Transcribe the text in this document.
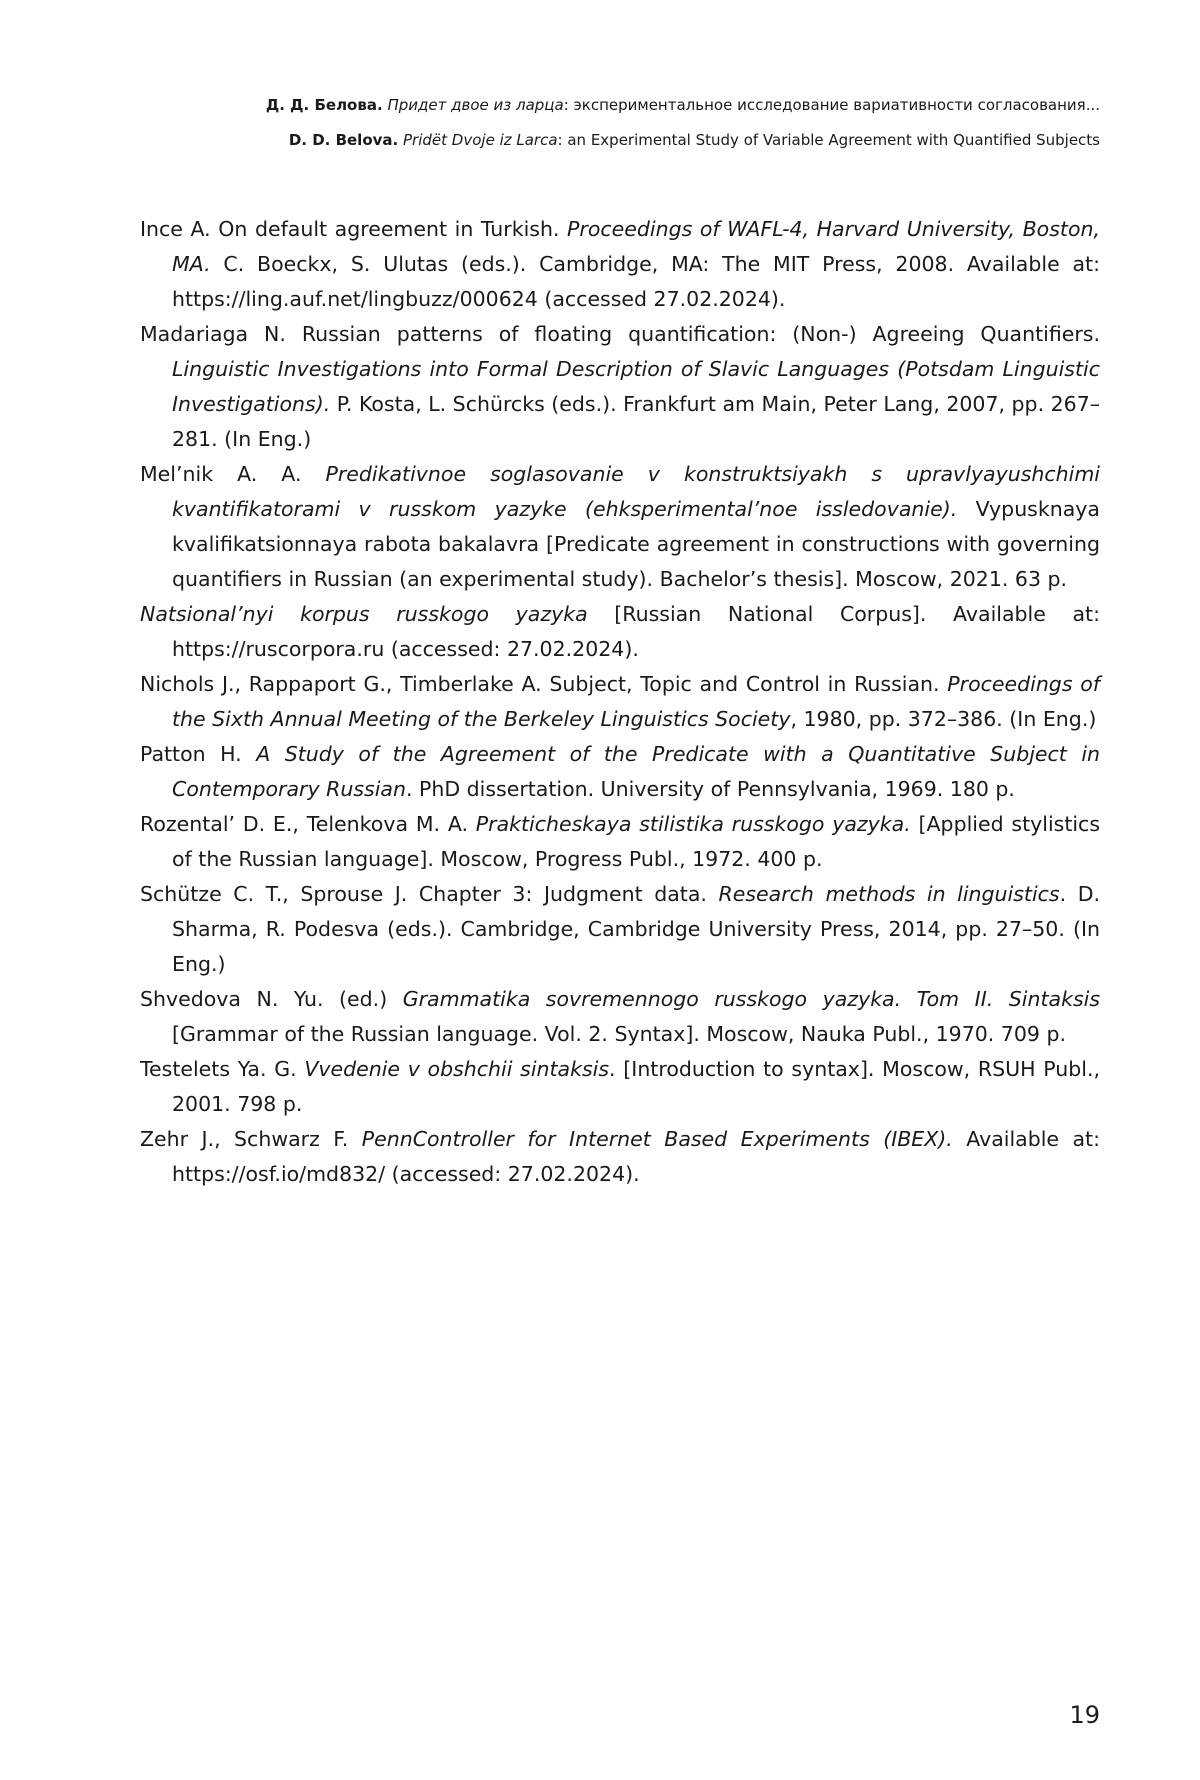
Д. Д. Белова. Придет двое из ларца: экспериментальное исследование вариативности согласования...
D. D. Belova. Pridët Dvoje iz Larca: an Experimental Study of Variable Agreement with Quantified Subjects

Ince A. On default agreement in Turkish. Proceedings of WAFL-4, Harvard University, Boston, MA. C. Boeckx, S. Ulutas (eds.). Cambridge, MA: The MIT Press, 2008. Available at: https://ling.auf.net/lingbuzz/000624 (accessed 27.02.2024).

Madariaga N. Russian patterns of floating quantification: (Non-) Agreeing Quantifiers. Linguistic Investigations into Formal Description of Slavic Languages (Potsdam Linguistic Investigations). P. Kosta, L. Schürcks (eds.). Frankfurt am Main, Peter Lang, 2007, pp. 267–281. (In Eng.)

Mel’nik A. A. Predikativnoe soglasovanie v konstruktsiyakh s upravlyayushchimi kvantifikatorami v russkom yazyke (ehksperimental’noe issledovanie). Vypusknaya kvalifikatsionnaya rabota bakalavra [Predicate agreement in constructions with governing quantifiers in Russian (an experimental study). Bachelor’s thesis]. Moscow, 2021. 63 p.

Natsional’nyi korpus russkogo yazyka [Russian National Corpus]. Available at: https://ruscorpora.ru (accessed: 27.02.2024).

Nichols J., Rappaport G., Timberlake A. Subject, Topic and Control in Russian. Proceedings of the Sixth Annual Meeting of the Berkeley Linguistics Society, 1980, pp. 372–386. (In Eng.)

Patton H. A Study of the Agreement of the Predicate with a Quantitative Subject in Contemporary Russian. PhD dissertation. University of Pennsylvania, 1969. 180 p.

Rozental’ D. E., Telenkova M. A. Prakticheskaya stilistika russkogo yazyka. [Applied stylistics of the Russian language]. Moscow, Progress Publ., 1972. 400 p.

Schütze C. T., Sprouse J. Chapter 3: Judgment data. Research methods in linguistics. D. Sharma, R. Podesva (eds.). Cambridge, Cambridge University Press, 2014, pp. 27–50. (In Eng.)

Shvedova N. Yu. (ed.) Grammatika sovremennogo russkogo yazyka. Tom II. Sintaksis [Grammar of the Russian language. Vol. 2. Syntax]. Moscow, Nauka Publ., 1970. 709 p.

Testelets Ya. G. Vvedenie v obshchii sintaksis. [Introduction to syntax]. Moscow, RSUH Publ., 2001. 798 p.

Zehr J., Schwarz F. PennController for Internet Based Experiments (IBEX). Available at: https://osf.io/md832/ (accessed: 27.02.2024).

19
